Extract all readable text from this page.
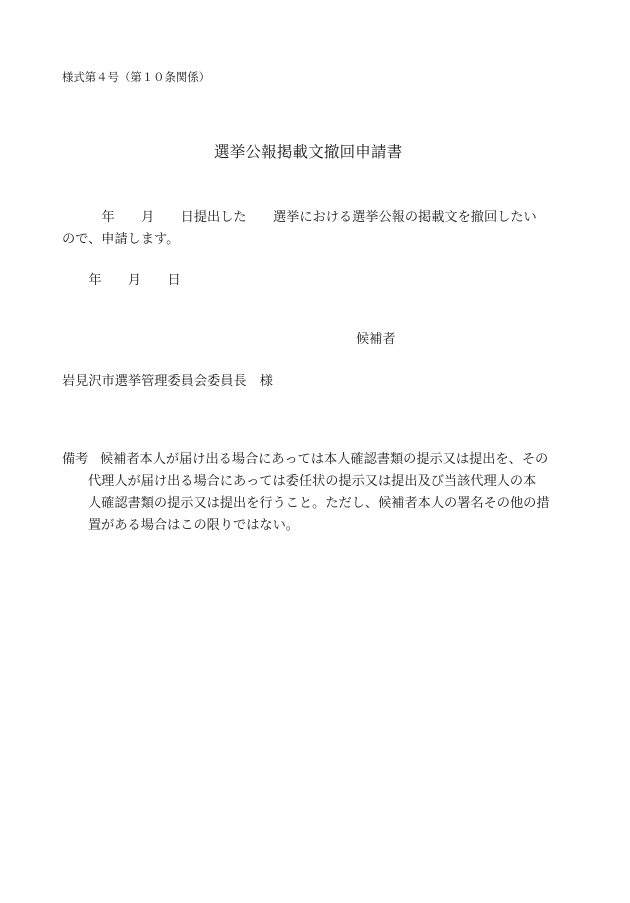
様式第４号（第１０条関係）
選挙公報掲載文撤回申請書
　　　年　　月　　日提出した　　選挙における選挙公報の掲載文を撤回したい
ので、申請します。
　　年　　月　　日
候補者
岩見沢市選挙管理委員会委員長　様
備考 候補者本人が届け出る場合にあっては本人確認書類の提示又は提出を、その
代理人が届け出る場合にあっては委任状の提示又は提出及び当該代理人の本
人確認書類の提示又は提出を行うこと。ただし、候補者本人の署名その他の措
置がある場合はこの限りではない。
